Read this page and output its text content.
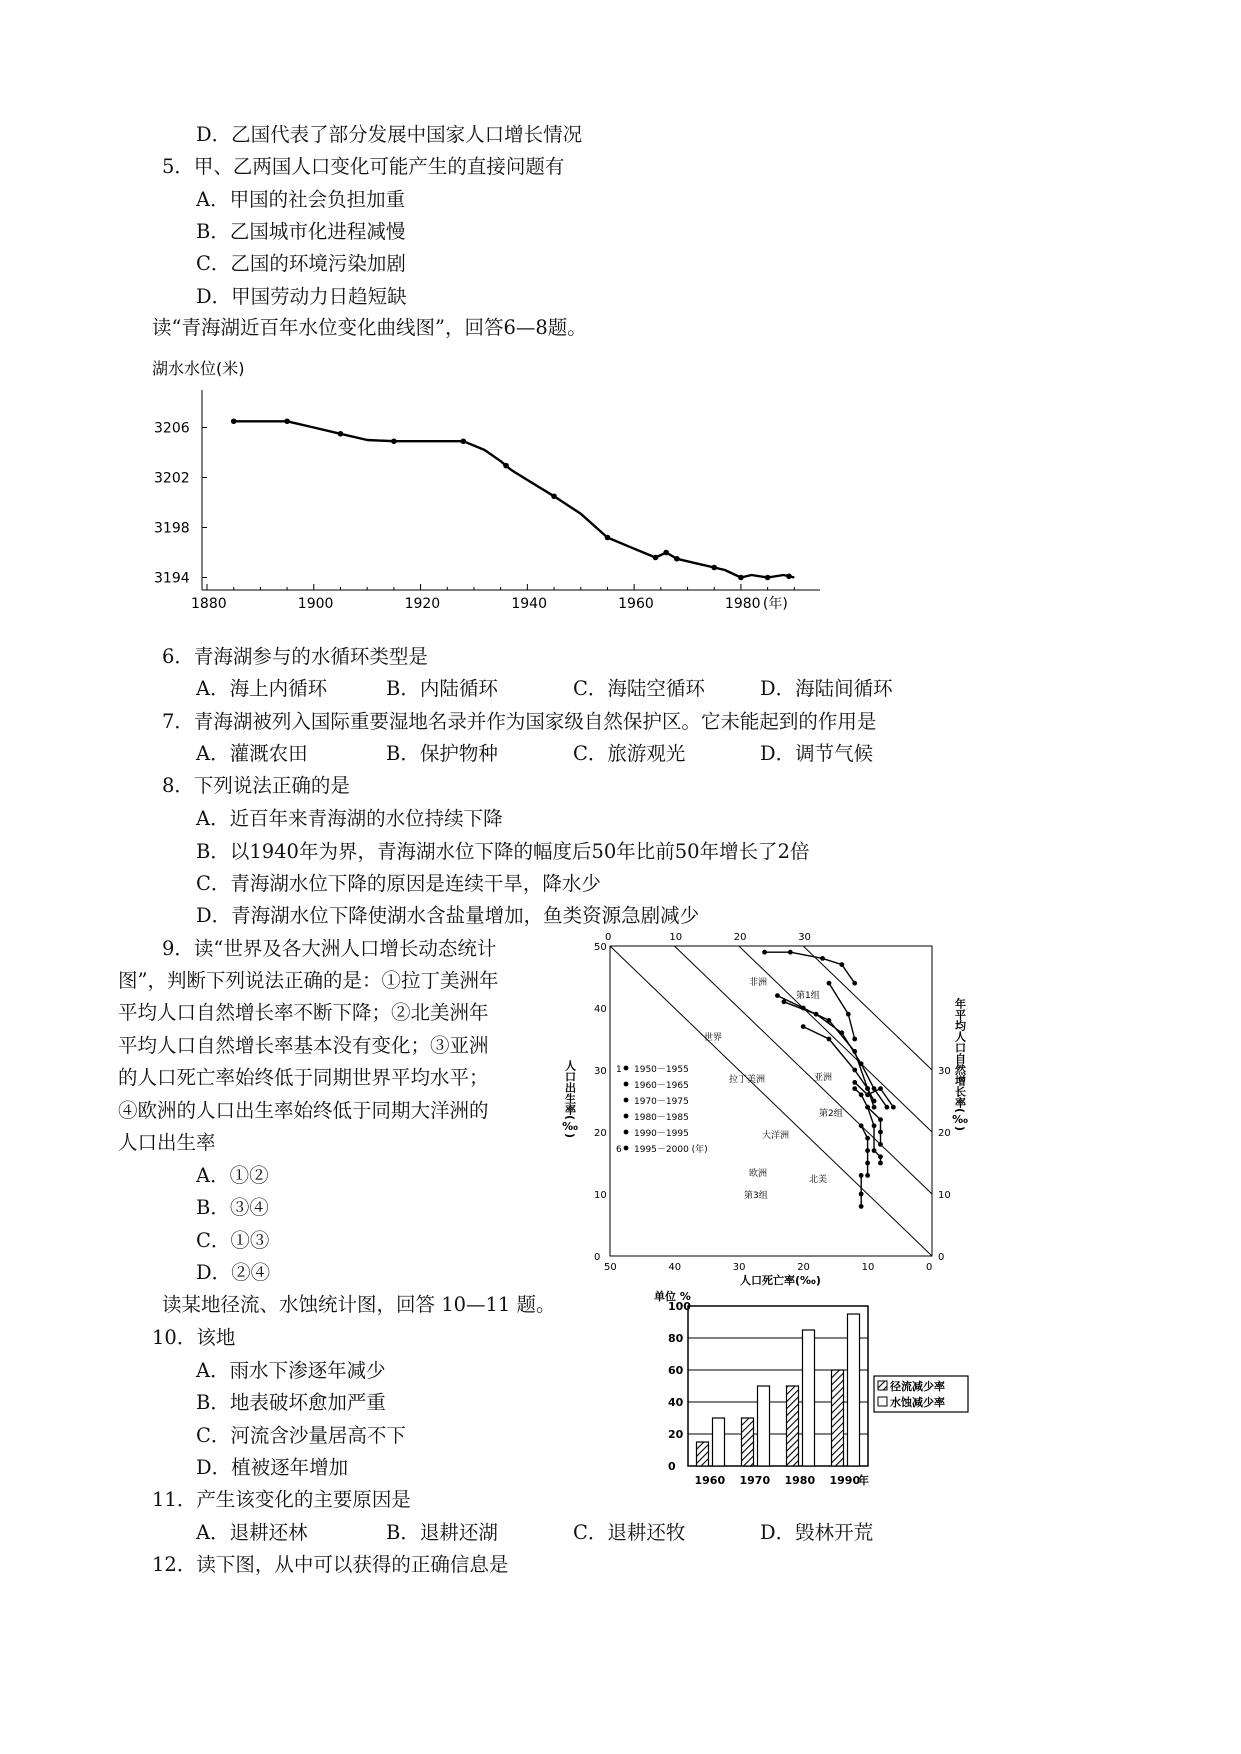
D．乙国代表了部分发展中国家人口增长情况
5．甲、乙两国人口变化可能产生的直接问题有
A．甲国的社会负担加重
B．乙国城市化进程减慢
C．乙国的环境污染加剧
D．甲国劳动力日趋短缺
读“青海湖近百年水位变化曲线图”，回答6—8题。
湖水水位(米)
1880	1900	1920	1940	1960	1980 (年)
3194
3198
3202
3206
6．青海湖参与的水循环类型是
A．海上内循环	B．内陆循环	C．海陆空循环	D．海陆间循环
7．青海湖被列入国际重要湿地名录并作为国家级自然保护区。它未能起到的作用是
A．灌溉农田	B．保护物种	C．旅游观光	D．调节气候
8．下列说法正确的是
A．近百年来青海湖的水位持续下降
B．以1940年为界，青海湖水位下降的幅度后50年比前50年增长了2倍
C．青海湖水位下降的原因是连续干旱，降水少
D．青海湖水位下降使湖水含盐量增加，鱼类资源急剧减少
9．读“世界及各大洲人口增长动态统计
图”，判断下列说法正确的是：①拉丁美洲年
平均人口自然增长率不断下降；②北美洲年
平均人口自然增长率基本没有变化；③亚洲
的人口死亡率始终低于同期世界平均水平；
④欧洲的人口出生率始终低于同期大洋洲的
人口出生率
A．①②
B．③④
C．①③
D．②④	50	40	30	20	10	0
0	10	20	30
0
10
20
30
40
50
0
10
20
30
人口死亡率(‰)
人口出生率(‰)	年平均人口自然增长率(‰)
1950－1955
1960－1965
1970－1975
1980－1985
1990－1995
1995－2000 (年)
1
6
非洲
第1组
世界
拉丁美洲	亚洲
第2组
大洋洲
欧洲
北美
第3组
读某地径流、水蚀统计图，回答 10—11 题。
10．该地
A．雨水下渗逐年减少
B．地表破坏愈加严重
C．河流含沙量居高不下
D．植被逐年增加
单位 %
0
20
40
60
80
100
1960 1970 1980 1990
年
径流减少率
水蚀减少率
11．产生该变化的主要原因是
A．退耕还林	B．退耕还湖	C．退耕还牧	D．毁林开荒
12．读下图，从中可以获得的正确信息是
